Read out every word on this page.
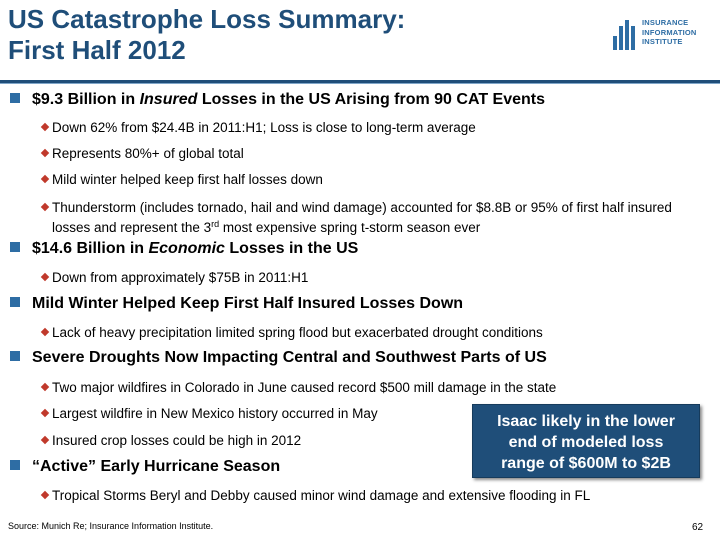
US Catastrophe Loss Summary:
First Half 2012
INSURANCE
INFORMATION
INSTITUTE
$9.3 Billion in Insured Losses in the US Arising from 90 CAT Events
Down 62% from $24.4B in 2011:H1; Loss is close to long-term average
Represents 80%+ of global total
Mild winter helped keep first half losses down
Thunderstorm (includes tornado, hail and wind damage) accounted for $8.8B or 95% of first half insured losses and represent the 3rd most expensive spring t-storm season ever
$14.6 Billion in Economic Losses in the US
Down from approximately $75B in 2011:H1
Mild Winter Helped Keep First Half Insured Losses Down
Lack of heavy precipitation limited spring flood but exacerbated drought conditions
Severe Droughts Now Impacting Central and Southwest Parts of US
Two major wildfires in Colorado in June caused record $500 mill damage in the state
Largest wildfire in New Mexico history occurred in May
Insured crop losses could be high in 2012
“Active” Early Hurricane Season
Tropical Storms Beryl and Debby caused minor wind damage and extensive flooding in FL
Isaac likely in the lower
end of modeled loss
range of $600M to $2B
Source: Munich Re; Insurance Information Institute.	62
